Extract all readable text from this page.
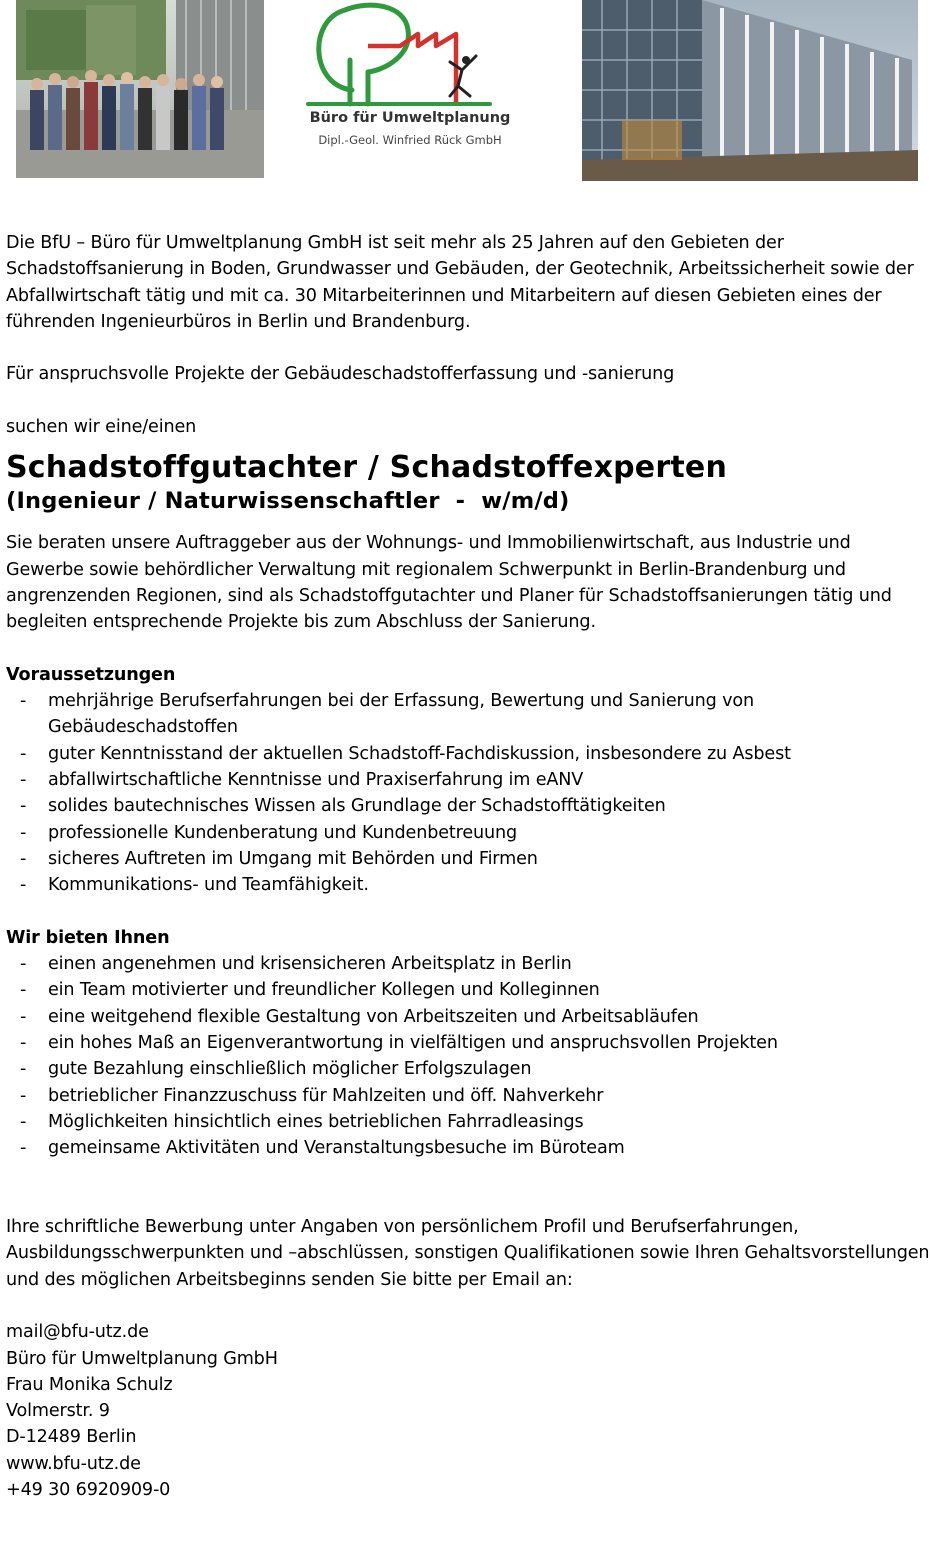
Büro für Umweltplanung
Dipl.-Geol. Winfried Rück GmbH

Die BfU – Büro für Umweltplanung GmbH ist seit mehr als 25 Jahren auf den Gebieten der Schadstoffsanierung in Boden, Grundwasser und Gebäuden, der Geotechnik, Arbeitssicherheit sowie der Abfallwirtschaft tätig und mit ca. 30 Mitarbeiterinnen und Mitarbeitern auf diesen Gebieten eines der führenden Ingenieurbüros in Berlin und Brandenburg.

Für anspruchsvolle Projekte der Gebäudeschadstofferfassung und -sanierung

suchen wir eine/einen

Schadstoffgutachter / Schadstoffexperten
(Ingenieur / Naturwissenschaftler  -  w/m/d)

Sie beraten unsere Auftraggeber aus der Wohnungs- und Immobilienwirtschaft, aus Industrie und Gewerbe sowie behördlicher Verwaltung mit regionalem Schwerpunkt in Berlin-Brandenburg und angrenzenden Regionen, sind als Schadstoffgutachter und Planer für Schadstoffsanierungen tätig und begleiten entsprechende Projekte bis zum Abschluss der Sanierung.

Voraussetzungen
- mehrjährige Berufserfahrungen bei der Erfassung, Bewertung und Sanierung von Gebäudeschadstoffen
- guter Kenntnisstand der aktuellen Schadstoff-Fachdiskussion, insbesondere zu Asbest
- abfallwirtschaftliche Kenntnisse und Praxiserfahrung im eANV
- solides bautechnisches Wissen als Grundlage der Schadstofftätigkeiten
- professionelle Kundenberatung und Kundenbetreuung
- sicheres Auftreten im Umgang mit Behörden und Firmen
- Kommunikations- und Teamfähigkeit.
Wir bieten Ihnen
- einen angenehmen und krisensicheren Arbeitsplatz in Berlin
- ein Team motivierter und freundlicher Kollegen und Kolleginnen
- eine weitgehend flexible Gestaltung von Arbeitszeiten und Arbeitsabläufen
- ein hohes Maß an Eigenverantwortung in vielfältigen und anspruchsvollen Projekten
- gute Bezahlung einschließlich möglicher Erfolgszulagen
- betrieblicher Finanzzuschuss für Mahlzeiten und öff. Nahverkehr
- Möglichkeiten hinsichtlich eines betrieblichen Fahrradleasings
- gemeinsame Aktivitäten und Veranstaltungsbesuche im Büroteam

Ihre schriftliche Bewerbung unter Angaben von persönlichem Profil und Berufserfahrungen, Ausbildungsschwerpunkten und –abschlüssen, sonstigen Qualifikationen sowie Ihren Gehaltsvorstellungen und des möglichen Arbeitsbeginns senden Sie bitte per Email an:

mail@bfu-utz.de

Büro für Umweltplanung GmbH

Frau Monika Schulz

Volmerstr. 9

D-12489 Berlin

www.bfu-utz.de

+49 30 6920909-0
